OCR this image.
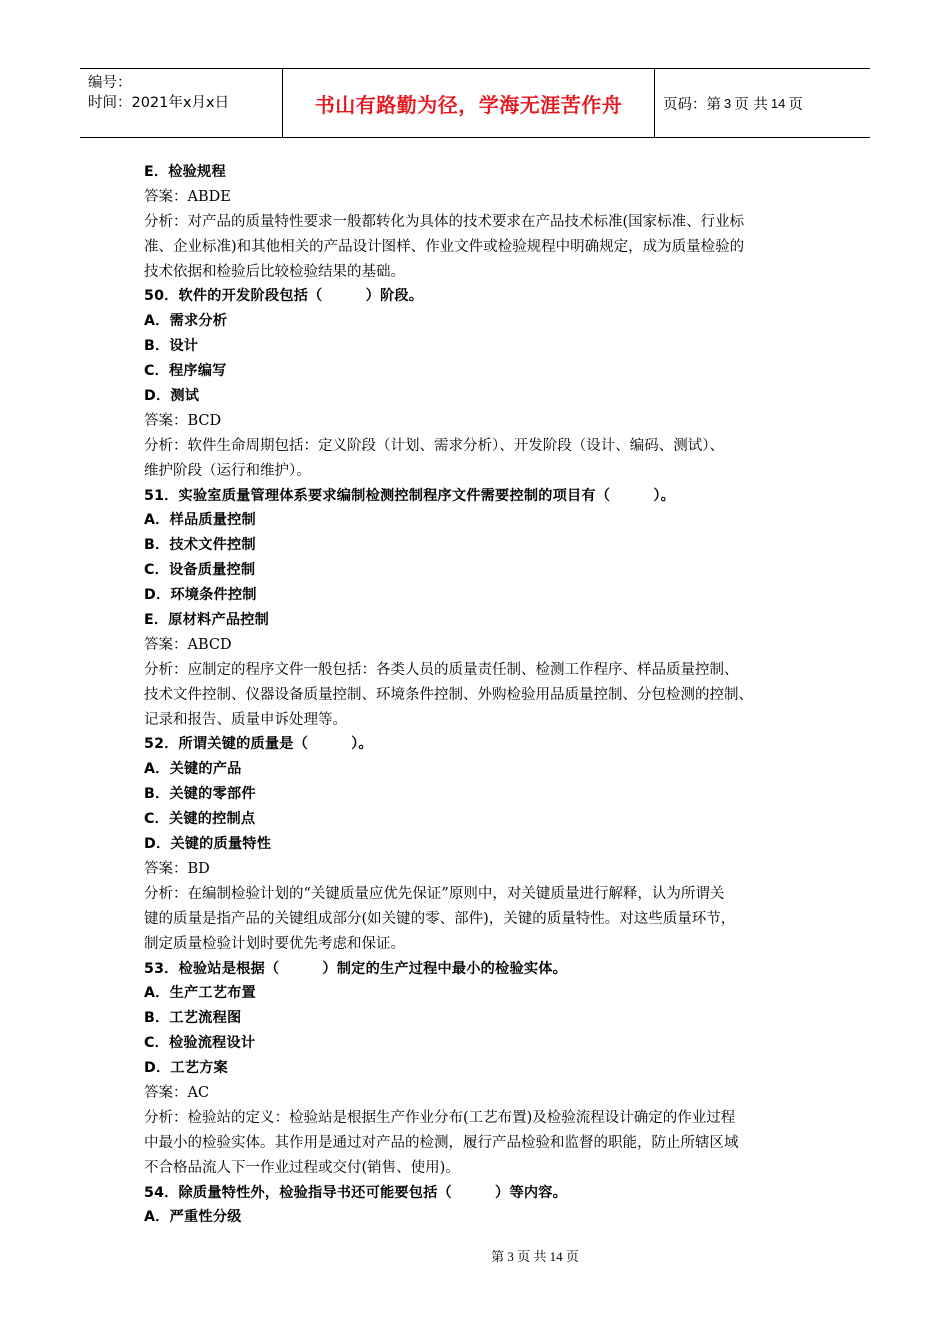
编号：
时间：2021年x月x日	书山有路勤为径，学海无涯苦作舟	页码：第 3 页 共 14 页
E．检验规程
答案：ABDE
分析：对产品的质量特性要求一般都转化为具体的技术要求在产品技术标准(国家标准、行业标
准、企业标准)和其他相关的产品设计图样、作业文件或检验规程中明确规定，成为质量检验的
技术依据和检验后比较检验结果的基础。
50．软件的开发阶段包括（　　　）阶段。
A．需求分析
B．设计
C．程序编写
D．测试
答案：BCD
分析：软件生命周期包括：定义阶段（计划、需求分析）、开发阶段（设计、编码、测试）、
维护阶段（运行和维护）。
51．实验室质量管理体系要求编制检测控制程序文件需要控制的项目有（　　　）。
A．样品质量控制
B．技术文件控制
C．设备质量控制
D．环境条件控制
E．原材料产品控制
答案：ABCD
分析：应制定的程序文件一般包括：各类人员的质量责任制、检测工作程序、样品质量控制、
技术文件控制、仪器设备质量控制、环境条件控制、外购检验用品质量控制、分包检测的控制、
记录和报告、质量申诉处理等。
52．所谓关键的质量是（　　　）。
A．关键的产品
B．关键的零部件
C．关键的控制点
D．关键的质量特性
答案：BD
分析：在编制检验计划的“关键质量应优先保证”原则中，对关键质量进行解释，认为所谓关
键的质量是指产品的关键组成部分(如关键的零、部件)，关键的质量特性。对这些质量环节，
制定质量检验计划时要优先考虑和保证。
53．检验站是根据（　　　）制定的生产过程中最小的检验实体。
A．生产工艺布置
B．工艺流程图
C．检验流程设计
D．工艺方案
答案：AC
分析：检验站的定义：检验站是根据生产作业分布(工艺布置)及检验流程设计确定的作业过程
中最小的检验实体。其作用是通过对产品的检测，履行产品检验和监督的职能，防止所辖区域
不合格品流人下一作业过程或交付(销售、使用)。
54．除质量特性外，检验指导书还可能要包括（　　　）等内容。
A．严重性分级
第 3 页 共 14 页
